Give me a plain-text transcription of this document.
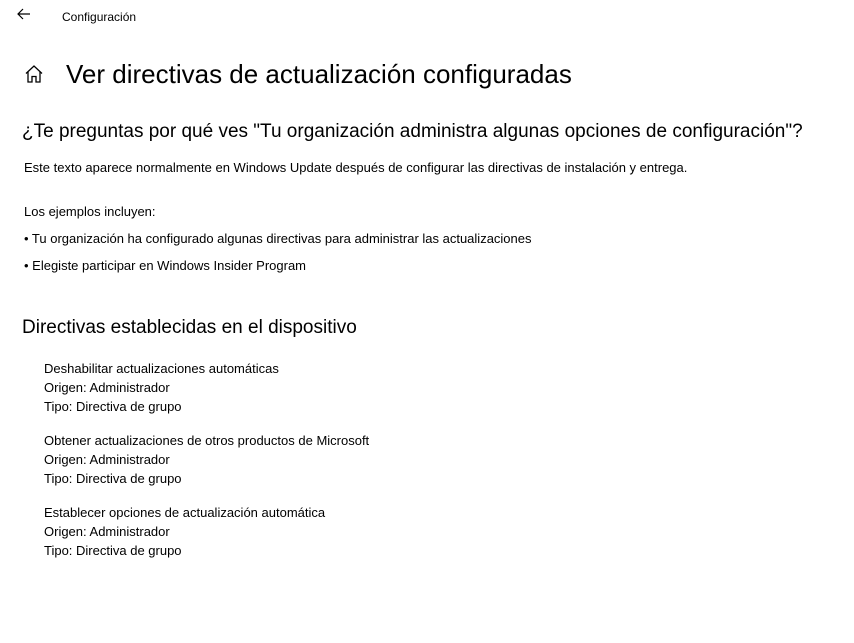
Configuración
Ver directivas de actualización configuradas
¿Te preguntas por qué ves "Tu organización administra algunas opciones de configuración"?
Este texto aparece normalmente en Windows Update después de configurar las directivas de instalación y entrega.
Los ejemplos incluyen:
• Tu organización ha configurado algunas directivas para administrar las actualizaciones
• Elegiste participar en Windows Insider Program
Directivas establecidas en el dispositivo
Deshabilitar actualizaciones automáticas
Origen: Administrador
Tipo: Directiva de grupo
Obtener actualizaciones de otros productos de Microsoft
Origen: Administrador
Tipo: Directiva de grupo
Establecer opciones de actualización automática
Origen: Administrador
Tipo: Directiva de grupo
